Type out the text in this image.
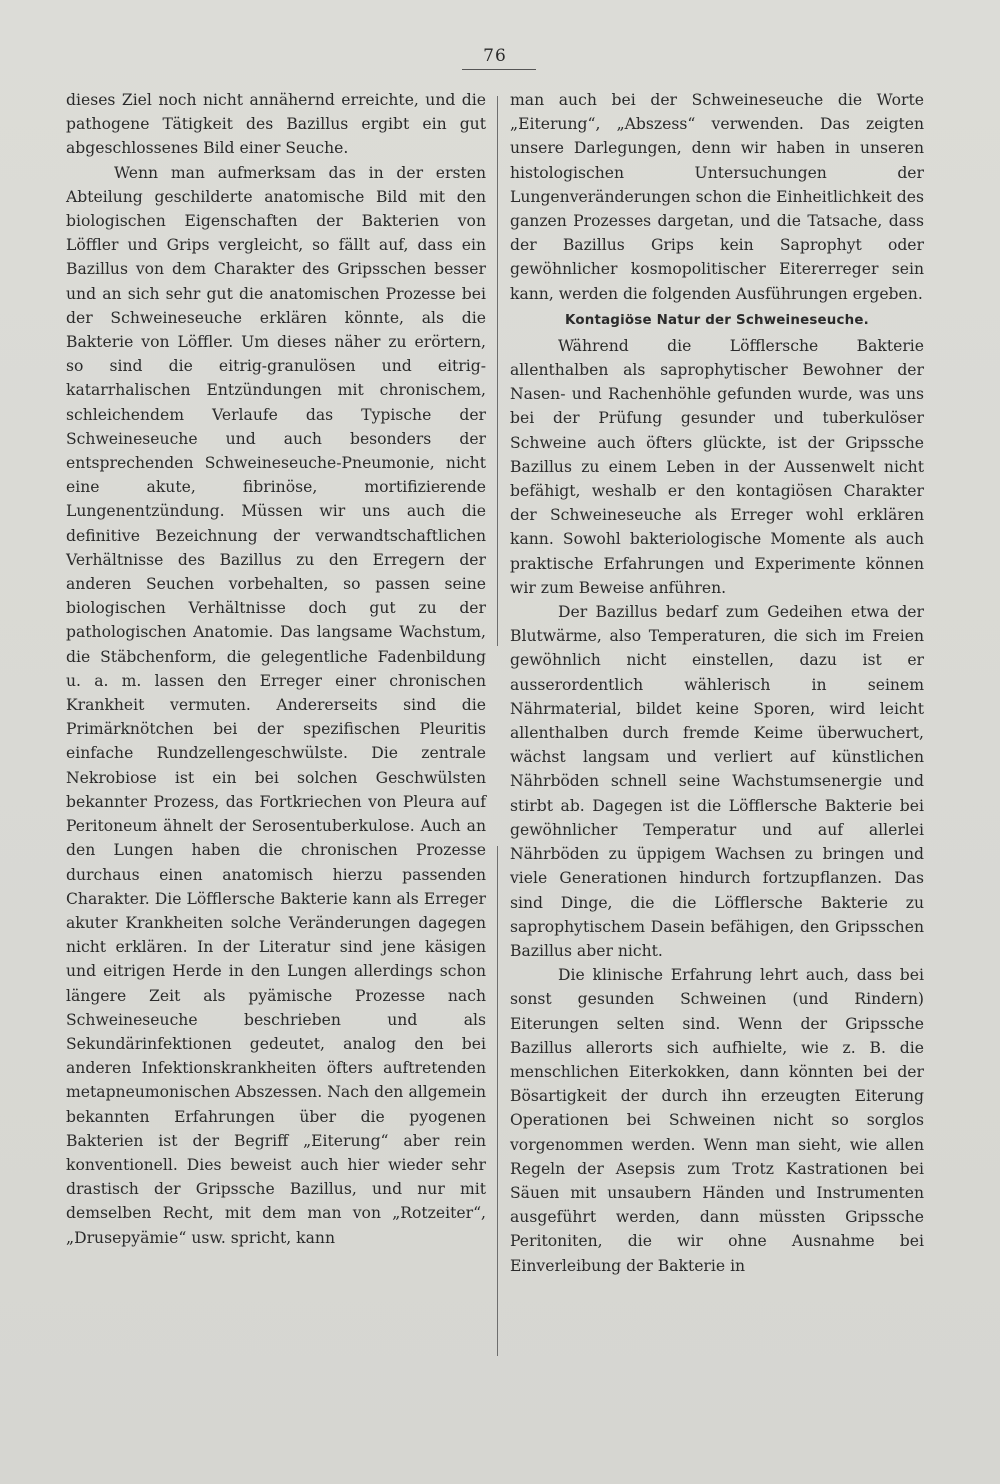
76

dieses Ziel noch nicht annähernd erreichte, und die pathogene Tätigkeit des Bazillus ergibt ein gut abgeschlossenes Bild einer Seuche.

Wenn man aufmerksam das in der ersten Abteilung geschilderte anatomische Bild mit den biologischen Eigenschaften der Bakterien von Löffler und Grips vergleicht, so fällt auf, dass ein Bazillus von dem Charakter des Gripsschen besser und an sich sehr gut die anatomischen Prozesse bei der Schweineseuche erklären könnte, als die Bakterie von Löffler. Um dieses näher zu erörtern, so sind die eitrig-granulösen und eitrig-katarrhalischen Entzündungen mit chronischem, schleichendem Verlaufe das Typische der Schweineseuche und auch besonders der entsprechenden Schweineseuche-Pneumonie, nicht eine akute, fibrinöse, mortifizierende Lungenentzündung. Müssen wir uns auch die definitive Bezeichnung der verwandtschaftlichen Verhältnisse des Bazillus zu den Erregern der anderen Seuchen vorbehalten, so passen seine biologischen Verhältnisse doch gut zu der pathologischen Anatomie. Das langsame Wachstum, die Stäbchenform, die gelegentliche Fadenbildung u. a. m. lassen den Erreger einer chronischen Krankheit vermuten. Andererseits sind die Primärknötchen bei der spezifischen Pleuritis einfache Rundzellengeschwülste. Die zentrale Nekrobiose ist ein bei solchen Geschwülsten bekannter Prozess, das Fortkriechen von Pleura auf Peritoneum ähnelt der Serosentuberkulose. Auch an den Lungen haben die chronischen Prozesse durchaus einen anatomisch hierzu passenden Charakter. Die Löfflersche Bakterie kann als Erreger akuter Krankheiten solche Veränderungen dagegen nicht erklären. In der Literatur sind jene käsigen und eitrigen Herde in den Lungen allerdings schon längere Zeit als pyämische Prozesse nach Schweineseuche beschrieben und als Sekundärinfektionen gedeutet, analog den bei anderen Infektionskrankheiten öfters auftretenden metapneumonischen Abszessen. Nach den allgemein bekannten Erfahrungen über die pyogenen Bakterien ist der Begriff „Eiterung“ aber rein konventionell. Dies beweist auch hier wieder sehr drastisch der Gripssche Bazillus, und nur mit demselben Recht, mit dem man von „Rotzeiter“, „Drusepyämie“ usw. spricht, kann

man auch bei der Schweineseuche die Worte „Eiterung“, „Abszess“ verwenden. Das zeigten unsere Darlegungen, denn wir haben in unseren histologischen Untersuchungen der Lungenveränderungen schon die Einheitlichkeit des ganzen Prozesses dargetan, und die Tatsache, dass der Bazillus Grips kein Saprophyt oder gewöhnlicher kosmopolitischer Eitererreger sein kann, werden die folgenden Ausführungen ergeben.

Kontagiöse Natur der Schweineseuche.

Während die Löfflersche Bakterie allenthalben als saprophytischer Bewohner der Nasen- und Rachenhöhle gefunden wurde, was uns bei der Prüfung gesunder und tuberkulöser Schweine auch öfters glückte, ist der Gripssche Bazillus zu einem Leben in der Aussenwelt nicht befähigt, weshalb er den kontagiösen Charakter der Schweineseuche als Erreger wohl erklären kann. Sowohl bakteriologische Momente als auch praktische Erfahrungen und Experimente können wir zum Beweise anführen.

Der Bazillus bedarf zum Gedeihen etwa der Blutwärme, also Temperaturen, die sich im Freien gewöhnlich nicht einstellen, dazu ist er ausserordentlich wählerisch in seinem Nährmaterial, bildet keine Sporen, wird leicht allenthalben durch fremde Keime überwuchert, wächst langsam und verliert auf künstlichen Nährböden schnell seine Wachstumsenergie und stirbt ab. Dagegen ist die Löfflersche Bakterie bei gewöhnlicher Temperatur und auf allerlei Nährböden zu üppigem Wachsen zu bringen und viele Generationen hindurch fortzupflanzen. Das sind Dinge, die die Löfflersche Bakterie zu saprophytischem Dasein befähigen, den Gripsschen Bazillus aber nicht.

Die klinische Erfahrung lehrt auch, dass bei sonst gesunden Schweinen (und Rindern) Eiterungen selten sind. Wenn der Gripssche Bazillus allerorts sich aufhielte, wie z. B. die menschlichen Eiterkokken, dann könnten bei der Bösartigkeit der durch ihn erzeugten Eiterung Operationen bei Schweinen nicht so sorglos vorgenommen werden. Wenn man sieht, wie allen Regeln der Asepsis zum Trotz Kastrationen bei Säuen mit unsaubern Händen und Instrumenten ausgeführt werden, dann müssten Gripssche Peritoniten, die wir ohne Ausnahme bei Einverleibung der Bakterie in
